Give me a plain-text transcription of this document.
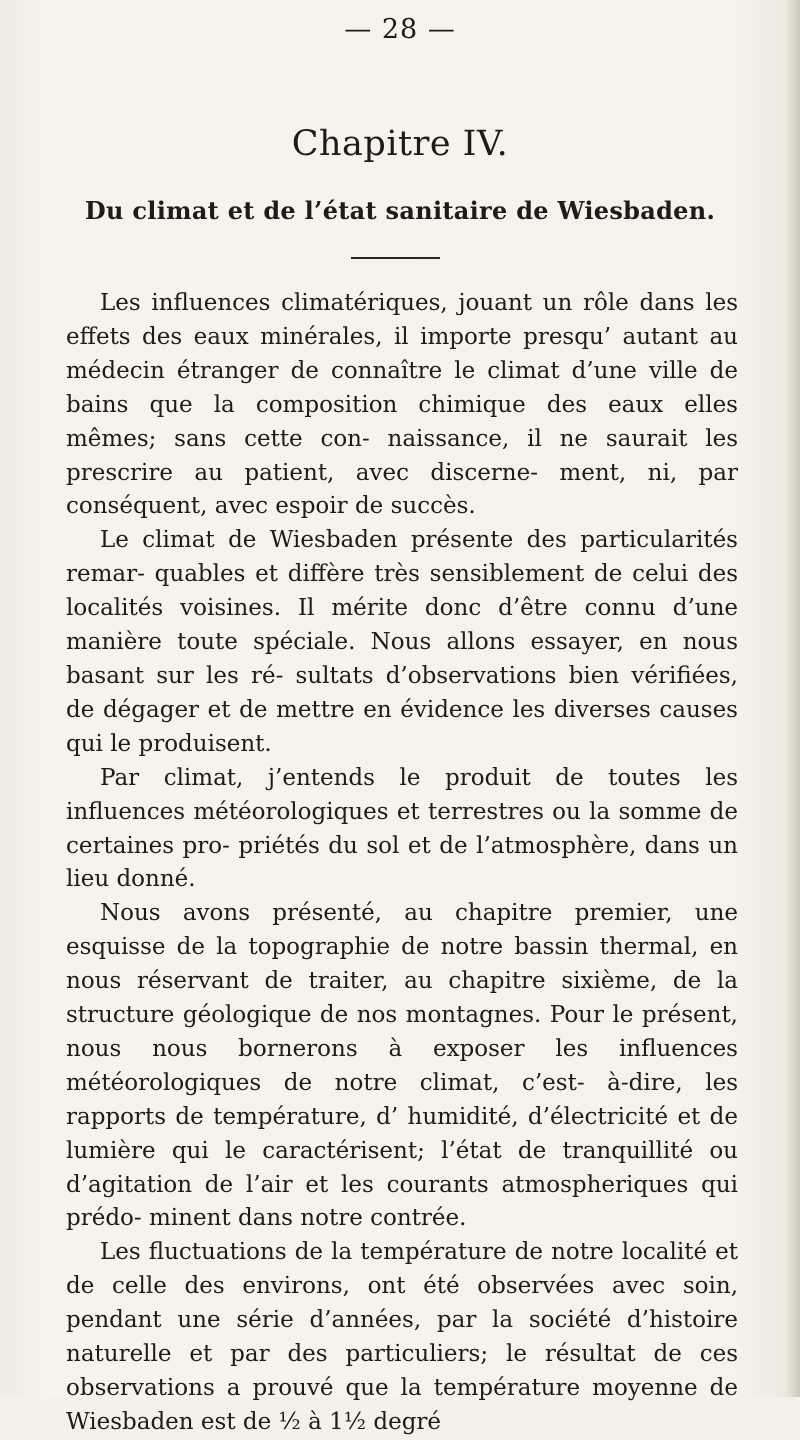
— 28 —
Chapitre IV.
Du climat et de l’état sanitaire de Wiesbaden.

Les influences climatériques, jouant un rôle dans les effets des eaux minérales, il importe presqu’ autant au médecin étranger de connaître le climat d’une ville de bains que la composition chimique des eaux elles mêmes; sans cette con- naissance, il ne saurait les prescrire au patient, avec discerne- ment, ni, par conséquent, avec espoir de succès.

Le climat de Wiesbaden présente des particularités remar- quables et diffère très sensiblement de celui des localités voisines. Il mérite donc d’être connu d’une manière toute spéciale. Nous allons essayer, en nous basant sur les ré- sultats d’observations bien vérifiées, de dégager et de mettre en évidence les diverses causes qui le produisent.

Par climat, j’entends le produit de toutes les influences météorologiques et terrestres ou la somme de certaines pro- priétés du sol et de l’atmosphère, dans un lieu donné.

Nous avons présenté, au chapitre premier, une esquisse de la topographie de notre bassin thermal, en nous réservant de traiter, au chapitre sixième, de la structure géologique de nos montagnes. Pour le présent, nous nous bornerons à exposer les influences météorologiques de notre climat, c’est- à-dire, les rapports de température, d’ humidité, d’électricité et de lumière qui le caractérisent; l’état de tranquillité ou d’agitation de l’air et les courants atmospheriques qui prédo- minent dans notre contrée.

Les fluctuations de la température de notre localité et de celle des environs, ont été observées avec soin, pendant une série d’années, par la société d’histoire naturelle et par des particuliers; le résultat de ces observations a prouvé que la température moyenne de Wiesbaden est de ½ à 1½ degré
